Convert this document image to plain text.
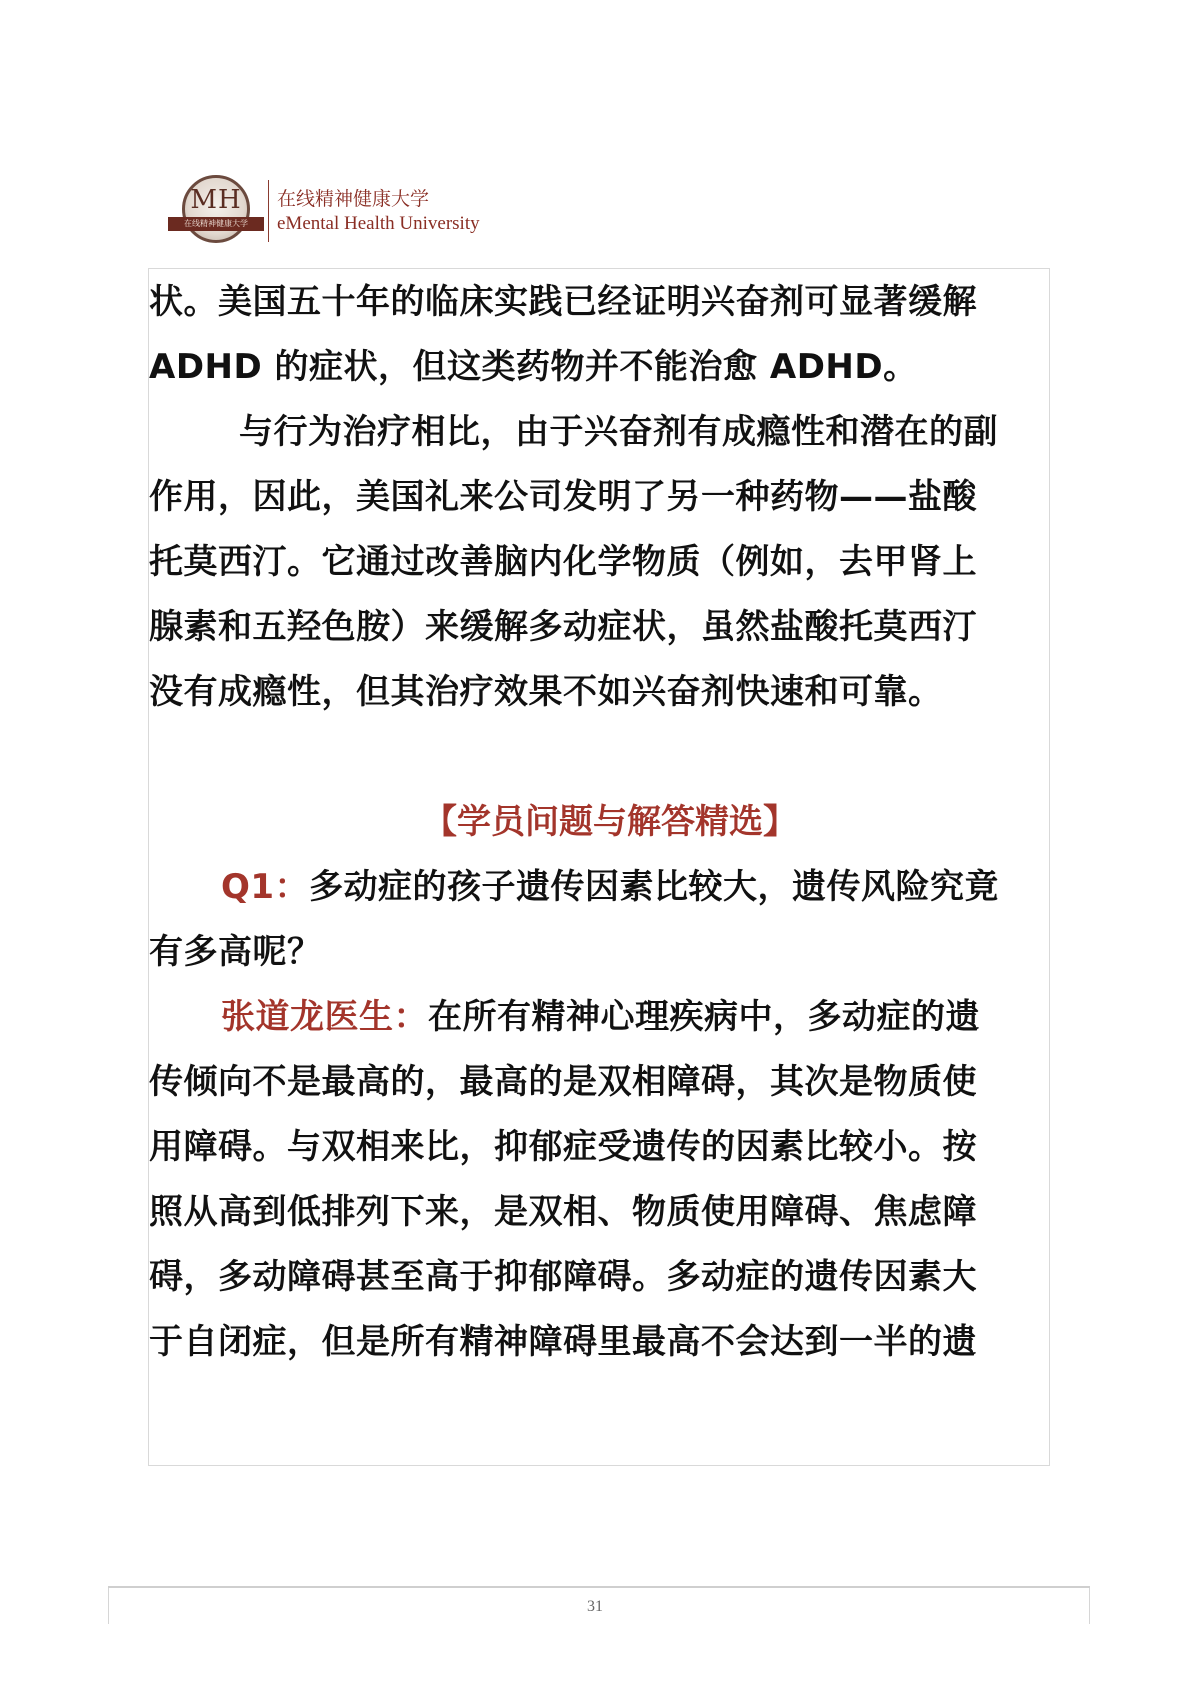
MH
在线精神健康大学
在线精神健康大学
eMental Health University
状。美国五十年的临床实践已经证明兴奋剂可显著缓解
ADHD 的症状，但这类药物并不能治愈 ADHD。
与行为治疗相比，由于兴奋剂有成瘾性和潜在的副
作用，因此，美国礼来公司发明了另一种药物——盐酸
托莫西汀。它通过改善脑内化学物质（例如，去甲肾上
腺素和五羟色胺）来缓解多动症状，虽然盐酸托莫西汀
没有成瘾性，但其治疗效果不如兴奋剂快速和可靠。
【学员问题与解答精选】
Q1：多动症的孩子遗传因素比较大，遗传风险究竟
有多高呢？
张道龙医生：在所有精神心理疾病中，多动症的遗
传倾向不是最高的，最高的是双相障碍，其次是物质使
用障碍。与双相来比，抑郁症受遗传的因素比较小。按
照从高到低排列下来，是双相、物质使用障碍、焦虑障
碍，多动障碍甚至高于抑郁障碍。多动症的遗传因素大
于自闭症，但是所有精神障碍里最高不会达到一半的遗
31
